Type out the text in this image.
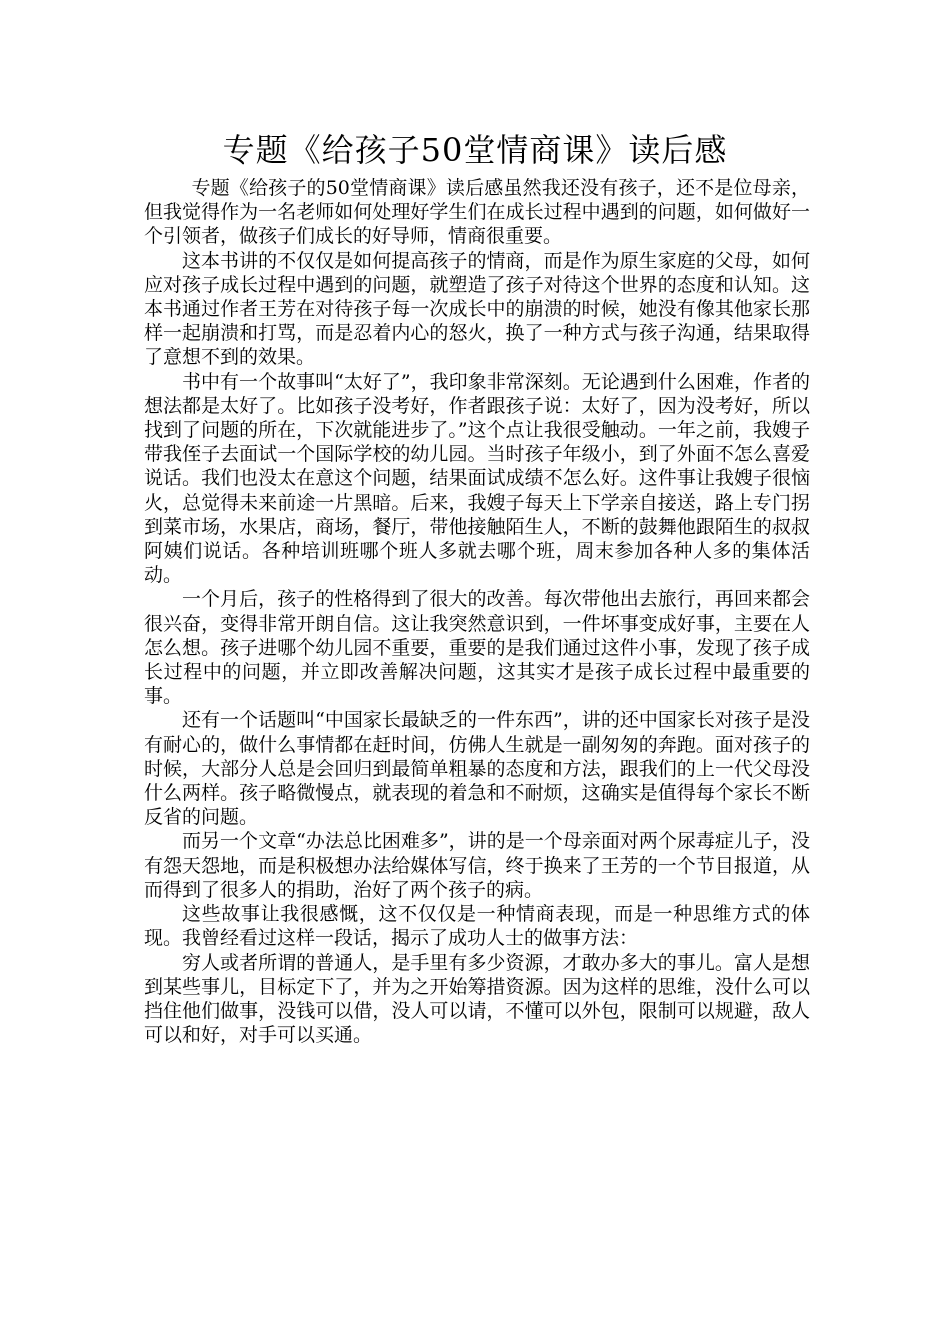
专题《给孩子50堂情商课》读后感

专题《给孩子的50堂情商课》读后感虽然我还没有孩子，还不是位母亲，但我觉得作为一名老师如何处理好学生们在成长过程中遇到的问题，如何做好一个引领者，做孩子们成长的好导师，情商很重要。

这本书讲的不仅仅是如何提高孩子的情商，而是作为原生家庭的父母，如何应对孩子成长过程中遇到的问题，就塑造了孩子对待这个世界的态度和认知。这本书通过作者王芳在对待孩子每一次成长中的崩溃的时候，她没有像其他家长那样一起崩溃和打骂，而是忍着内心的怒火，换了一种方式与孩子沟通，结果取得了意想不到的效果。

书中有一个故事叫“太好了”，我印象非常深刻。无论遇到什么困难，作者的想法都是太好了。比如孩子没考好，作者跟孩子说：太好了，因为没考好，所以找到了问题的所在，下次就能进步了。”这个点让我很受触动。一年之前，我嫂子带我侄子去面试一个国际学校的幼儿园。当时孩子年级小，到了外面不怎么喜爱说话。我们也没太在意这个问题，结果面试成绩不怎么好。这件事让我嫂子很恼火，总觉得未来前途一片黑暗。后来，我嫂子每天上下学亲自接送，路上专门拐到菜市场，水果店，商场，餐厅，带他接触陌生人，不断的鼓舞他跟陌生的叔叔阿姨们说话。各种培训班哪个班人多就去哪个班，周末参加各种人多的集体活动。

一个月后，孩子的性格得到了很大的改善。每次带他出去旅行，再回来都会很兴奋，变得非常开朗自信。这让我突然意识到，一件坏事变成好事，主要在人怎么想。孩子进哪个幼儿园不重要，重要的是我们通过这件小事，发现了孩子成长过程中的问题，并立即改善解决问题，这其实才是孩子成长过程中最重要的事。

还有一个话题叫“中国家长最缺乏的一件东西”，讲的还中国家长对孩子是没有耐心的，做什么事情都在赶时间，仿佛人生就是一副匆匆的奔跑。面对孩子的时候，大部分人总是会回归到最简单粗暴的态度和方法，跟我们的上一代父母没什么两样。孩子略微慢点，就表现的着急和不耐烦，这确实是值得每个家长不断反省的问题。

而另一个文章“办法总比困难多”，讲的是一个母亲面对两个尿毒症儿子，没有怨天怨地，而是积极想办法给媒体写信，终于换来了王芳的一个节目报道，从而得到了很多人的捐助，治好了两个孩子的病。

这些故事让我很感慨，这不仅仅是一种情商表现，而是一种思维方式的体现。我曾经看过这样一段话，揭示了成功人士的做事方法：

穷人或者所谓的普通人，是手里有多少资源，才敢办多大的事儿。富人是想到某些事儿，目标定下了，并为之开始筹措资源。因为这样的思维，没什么可以挡住他们做事，没钱可以借，没人可以请，不懂可以外包，限制可以规避，敌人可以和好，对手可以买通。
